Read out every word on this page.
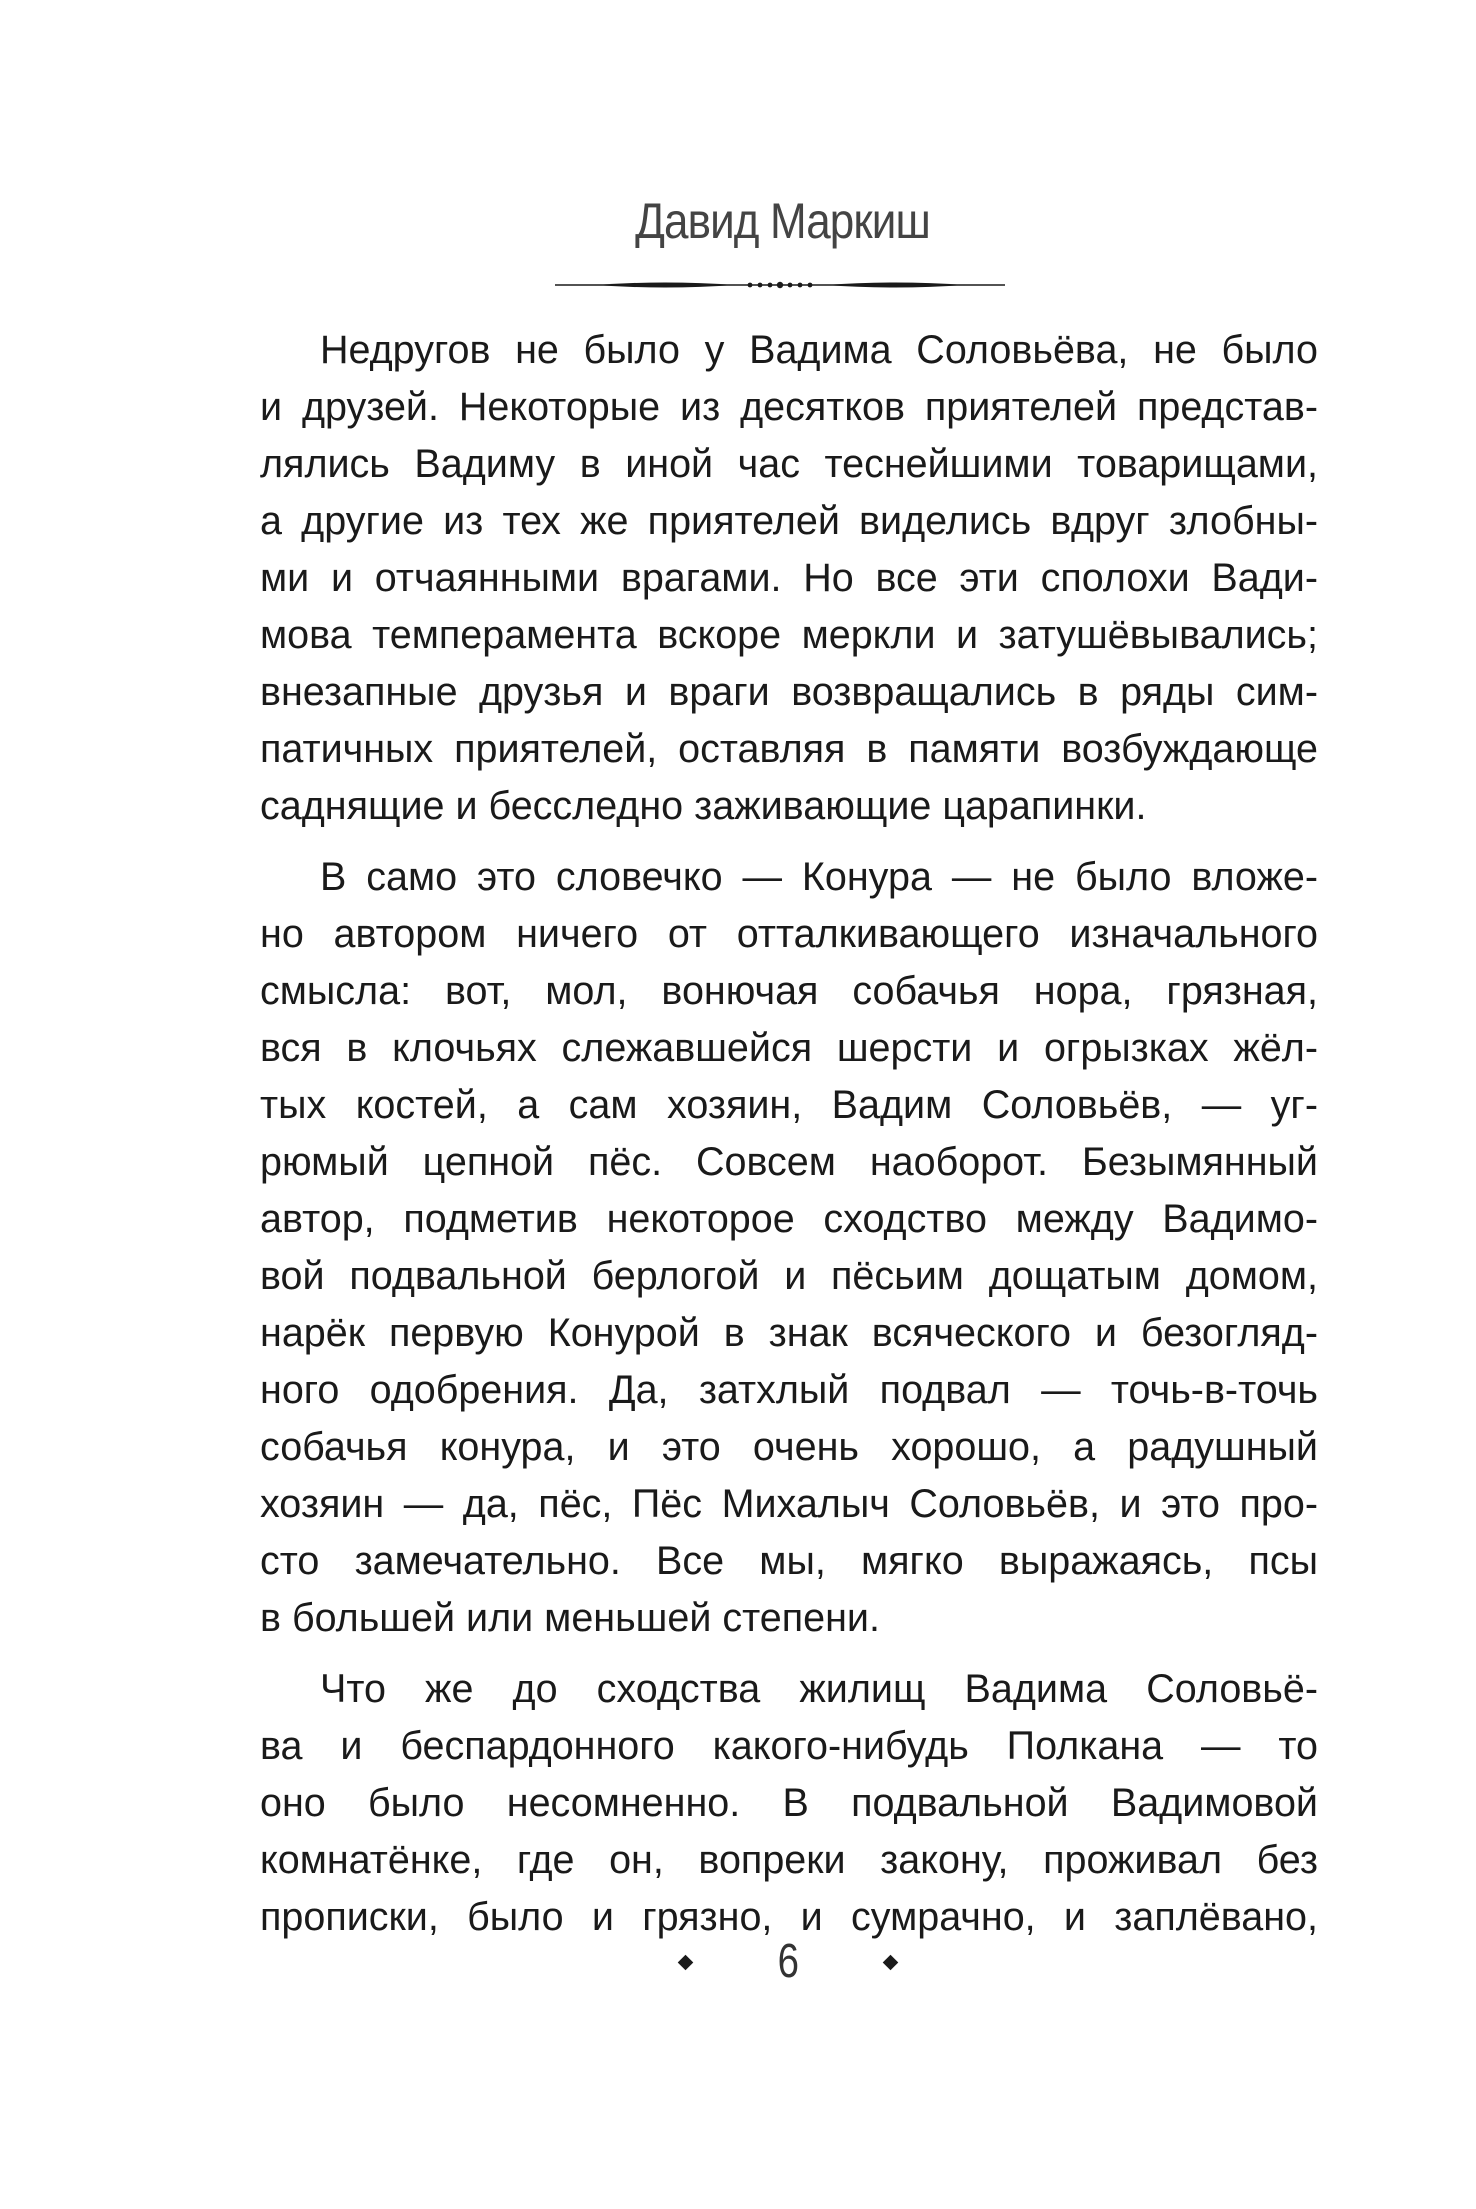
Давид Маркиш
Недругов не было у Вадима Соловьёва, не было
и друзей. Некоторые из десятков приятелей представ-
лялись Вадиму в иной час теснейшими товарищами,
а другие из тех же приятелей виделись вдруг злобны-
ми и отчаянными врагами. Но все эти сполохи Вади-
мова темперамента вскоре меркли и затушёвывались;
внезапные друзья и враги возвращались в ряды сим-
патичных приятелей, оставляя в памяти возбуждающе
саднящие и бесследно заживающие царапинки.
В само это словечко — Конура — не было вложе-
но автором ничего от отталкивающего изначального
смысла: вот, мол, вонючая собачья нора, грязная,
вся в клочьях слежавшейся шерсти и огрызках жёл-
тых костей, а сам хозяин, Вадим Соловьёв, — уг-
рюмый цепной пёс. Совсем наоборот. Безымянный
автор, подметив некоторое сходство между Вадимо-
вой подвальной берлогой и пёсьим дощатым домом,
нарёк первую Конурой в знак всяческого и безогляд-
ного одобрения. Да, затхлый подвал — точь-в-точь
собачья конура, и это очень хорошо, а радушный
хозяин — да, пёс, Пёс Михалыч Соловьёв, и это про-
сто замечательно. Все мы, мягко выражаясь, псы
в большей или меньшей степени.
Что же до сходства жилищ Вадима Соловьё-
ва и беспардонного какого-нибудь Полкана — то
оно было несомненно. В подвальной Вадимовой
комнатёнке, где он, вопреки закону, проживал без
прописки, было и грязно, и сумрачно, и заплёвано,
6
